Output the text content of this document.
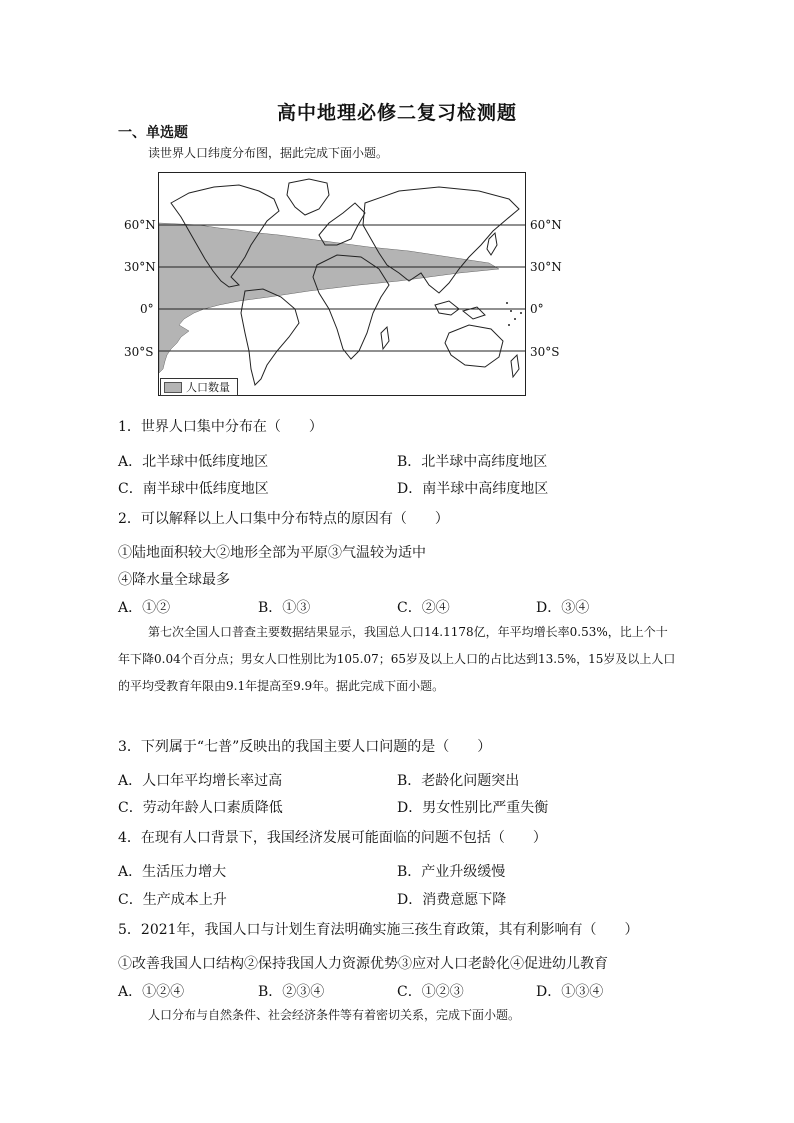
高中地理必修二复习检测题
一、单选题
读世界人口纬度分布图，据此完成下面小题。
60°N
30°N
0°
30°S
60°N
30°N
0°
30°S
人口数量
1．世界人口集中分布在（　　）
A．北半球中低纬度地区	B．北半球中高纬度地区
C．南半球中低纬度地区	D．南半球中高纬度地区
2．可以解释以上人口集中分布特点的原因有（　　）
①陆地面积较大②地形全部为平原③气温较为适中
④降水量全球最多
A．①②	B．①③	C．②④	D．③④
第七次全国人口普查主要数据结果显示，我国总人口14.1178亿，年平均增长率0.53%，比上个十年下降0.04个百分点；男女人口性别比为105.07；65岁及以上人口的占比达到13.5%，15岁及以上人口的平均受教育年限由9.1年提高至9.9年。据此完成下面小题。
3．下列属于“七普”反映出的我国主要人口问题的是（　　）
A．人口年平均增长率过高	B．老龄化问题突出
C．劳动年龄人口素质降低	D．男女性别比严重失衡
4．在现有人口背景下，我国经济发展可能面临的问题不包括（　　）
A．生活压力增大	B．产业升级缓慢
C．生产成本上升	D．消费意愿下降
5．2021年，我国人口与计划生育法明确实施三孩生育政策，其有利影响有（　　）
①改善我国人口结构②保持我国人力资源优势③应对人口老龄化④促进幼儿教育
A．①②④	B．②③④	C．①②③	D．①③④
人口分布与自然条件、社会经济条件等有着密切关系，完成下面小题。
